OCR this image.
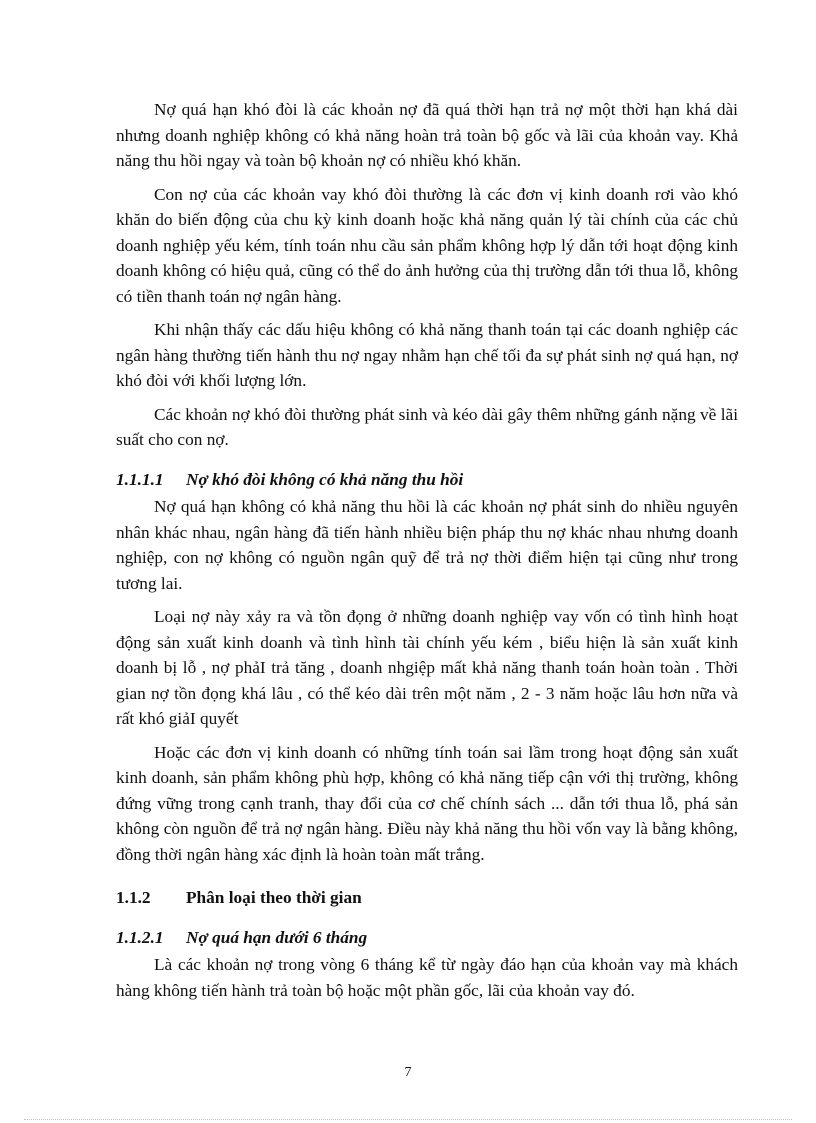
Nợ quá hạn khó đòi là các khoản nợ đã quá thời hạn trả nợ một thời hạn khá dài nhưng doanh nghiệp không có khả năng hoàn trả toàn bộ gốc và lãi của khoản vay. Khả năng thu hồi ngay và toàn bộ khoản nợ có nhiều khó khăn.

Con nợ của các khoản vay khó đòi thường là các đơn vị kinh doanh rơi vào khó khăn do biến động của chu kỳ kinh doanh hoặc khả năng quản lý tài chính của các chủ doanh nghiệp yếu kém, tính toán nhu cầu sản phẩm không hợp lý dẫn tới hoạt động kinh doanh không có hiệu quả, cũng có thể do ảnh hưởng của thị trường dẫn tới thua lỗ, không có tiền thanh toán nợ ngân hàng.

Khi nhận thấy các dấu hiệu không có khả năng thanh toán tại các doanh nghiệp các ngân hàng thường tiến hành thu nợ ngay nhằm hạn chế tối đa sự phát sinh nợ quá hạn, nợ khó đòi với khối lượng lớn.

Các khoản nợ khó đòi thường phát sinh và kéo dài gây thêm những gánh nặng về lãi suất cho con nợ.

1.1.1.1	Nợ khó đòi không có khả năng thu hồi

Nợ quá hạn không có khả năng thu hồi là các khoản nợ phát sinh do nhiều nguyên nhân khác nhau, ngân hàng đã tiến hành nhiều biện pháp thu nợ khác nhau nhưng doanh nghiệp, con nợ không có nguồn ngân quỹ để trả nợ thời điểm hiện tại cũng như trong tương lai.

Loại nợ này xảy ra và tồn đọng ở những doanh nghiệp vay vốn có tình hình hoạt động sản xuất kinh doanh và tình hình tài chính yếu kém , biểu hiện là sản xuất kinh doanh bị lỗ , nợ phảI trả tăng , doanh nhgiệp mất khả năng thanh toán hoàn toàn . Thời gian nợ tồn đọng khá lâu , có thể kéo dài trên một năm , 2 - 3 năm hoặc lâu hơn nữa và rất khó giảI quyết

Hoặc các đơn vị kinh doanh có những tính toán sai lầm trong hoạt động sản xuất kinh doanh, sản phẩm không phù hợp, không có khả năng tiếp cận với thị trường, không đứng vững trong cạnh tranh, thay đổi của cơ chế chính sách ... dẫn tới thua lỗ, phá sản không còn nguồn để trả nợ ngân hàng. Điều này khả năng thu hồi vốn vay là bằng không, đồng thời ngân hàng xác định là hoàn toàn mất trắng.

1.1.2	Phân loại theo thời gian
1.1.2.1	Nợ quá hạn dưới 6 tháng

Là các khoản nợ trong vòng 6 tháng kể từ ngày đáo hạn của khoản vay mà khách hàng không tiến hành trả toàn bộ hoặc một phần gốc, lãi của khoản vay đó.

7
